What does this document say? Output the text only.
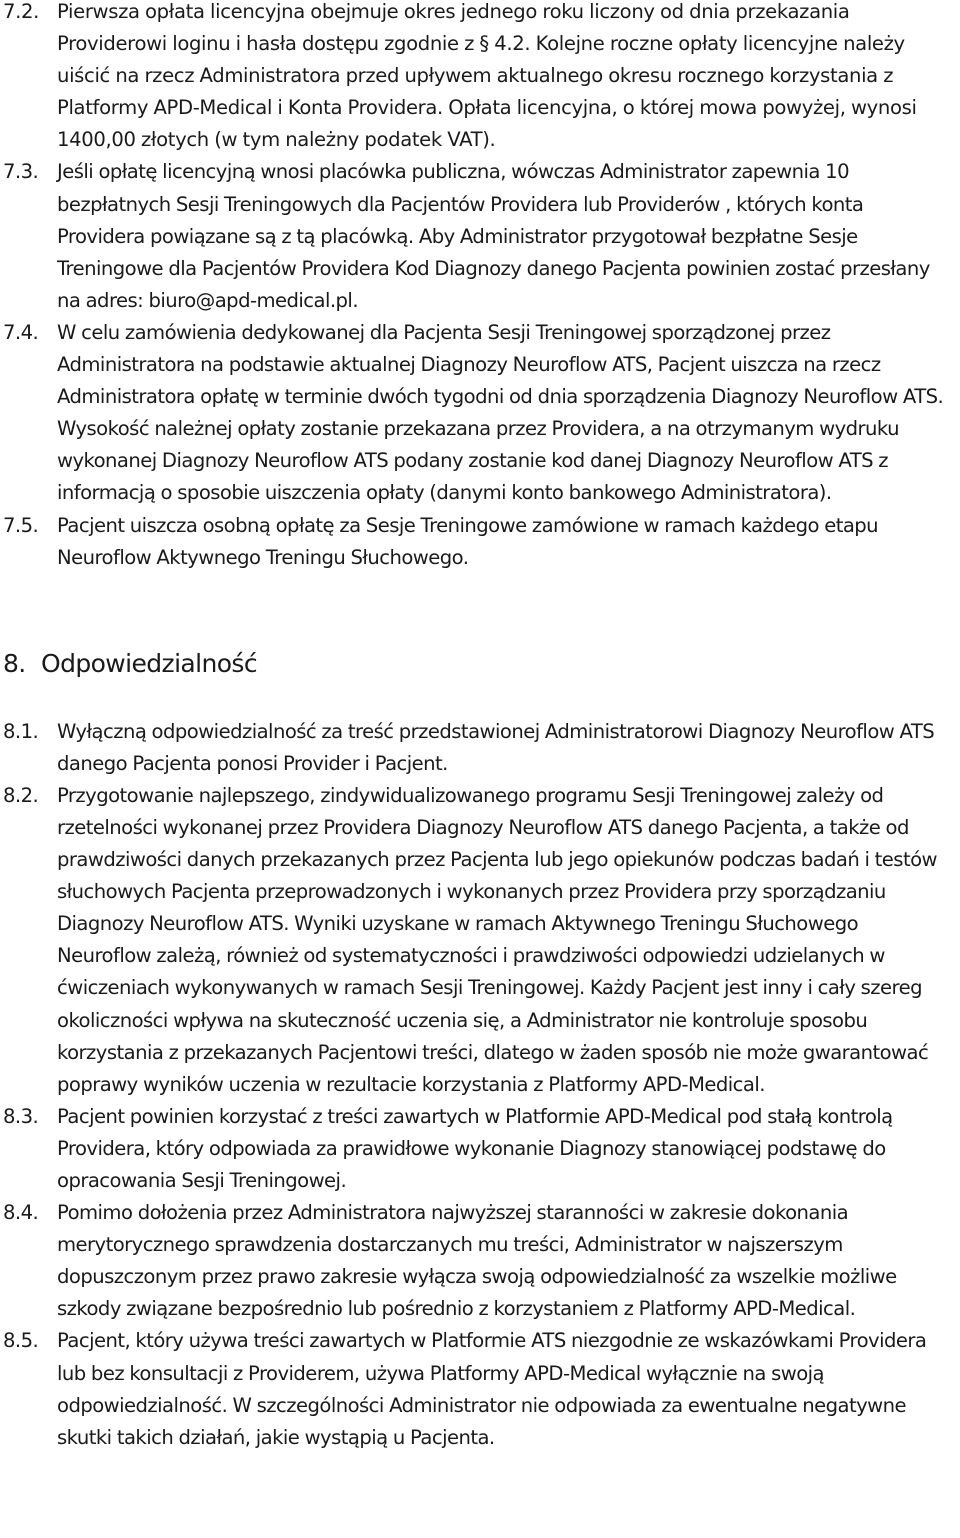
7.2. Pierwsza opłata licencyjna obejmuje okres jednego roku liczony od dnia przekazania Providerowi loginu i hasła dostępu zgodnie z § 4.2. Kolejne roczne opłaty licencyjne należy uiścić na rzecz Administratora przed upływem aktualnego okresu rocznego korzystania z Platformy APD-Medical i Konta Providera. Opłata licencyjna, o której mowa powyżej, wynosi 1400,00 złotych (w tym należny podatek VAT).
7.3. Jeśli opłatę licencyjną wnosi placówka publiczna, wówczas Administrator zapewnia 10 bezpłatnych Sesji Treningowych dla Pacjentów Providera lub Providerów , których konta Providera powiązane są z tą placówką. Aby Administrator przygotował bezpłatne Sesje Treningowe dla Pacjentów Providera Kod Diagnozy danego Pacjenta powinien zostać przesłany na adres: biuro@apd-medical.pl.
7.4. W celu zamówienia dedykowanej dla Pacjenta Sesji Treningowej sporządzonej przez Administratora na podstawie aktualnej Diagnozy Neuroflow ATS, Pacjent uiszcza na rzecz Administratora opłatę w terminie dwóch tygodni od dnia sporządzenia Diagnozy Neuroflow ATS. Wysokość należnej opłaty zostanie przekazana przez Providera, a na otrzymanym wydruku wykonanej Diagnozy Neuroflow ATS podany zostanie kod danej Diagnozy Neuroflow ATS z informacją o sposobie uiszczenia opłaty (danymi konto bankowego Administratora).
7.5. Pacjent uiszcza osobną opłatę za Sesje Treningowe zamówione w ramach każdego etapu Neuroflow Aktywnego Treningu Słuchowego.
8. Odpowiedzialność
8.1. Wyłączną odpowiedzialność za treść przedstawionej Administratorowi Diagnozy Neuroflow ATS danego Pacjenta ponosi Provider i Pacjent.
8.2. Przygotowanie najlepszego, zindywidualizowanego programu Sesji Treningowej zależy od rzetelności wykonanej przez Providera Diagnozy Neuroflow ATS danego Pacjenta, a także od prawdziwości danych przekazanych przez Pacjenta lub jego opiekunów podczas badań i testów słuchowych Pacjenta przeprowadzonych i wykonanych przez Providera przy sporządzaniu Diagnozy Neuroflow ATS. Wyniki uzyskane w ramach Aktywnego Treningu Słuchowego Neuroflow zależą, również od systematyczności i prawdziwości odpowiedzi udzielanych w ćwiczeniach wykonywanych w ramach Sesji Treningowej. Każdy Pacjent jest inny i cały szereg okoliczności wpływa na skuteczność uczenia się, a Administrator nie kontroluje sposobu korzystania z przekazanych Pacjentowi treści, dlatego w żaden sposób nie może gwarantować poprawy wyników uczenia w rezultacie korzystania z Platformy APD-Medical.
8.3. Pacjent powinien korzystać z treści zawartych w Platformie APD-Medical pod stałą kontrolą Providera, który odpowiada za prawidłowe wykonanie Diagnozy stanowiącej podstawę do opracowania Sesji Treningowej.
8.4. Pomimo dołożenia przez Administratora najwyższej staranności w zakresie dokonania merytorycznego sprawdzenia dostarczanych mu treści, Administrator w najszerszym dopuszczonym przez prawo zakresie wyłącza swoją odpowiedzialność za wszelkie możliwe szkody związane bezpośrednio lub pośrednio z korzystaniem z Platformy APD-Medical.
8.5. Pacjent, który używa treści zawartych w Platformie ATS niezgodnie ze wskazówkami Providera lub bez konsultacji z Providerem, używa Platformy APD-Medical wyłącznie na swoją odpowiedzialność. W szczególności Administrator nie odpowiada za ewentualne negatywne skutki takich działań, jakie wystąpią u Pacjenta.
